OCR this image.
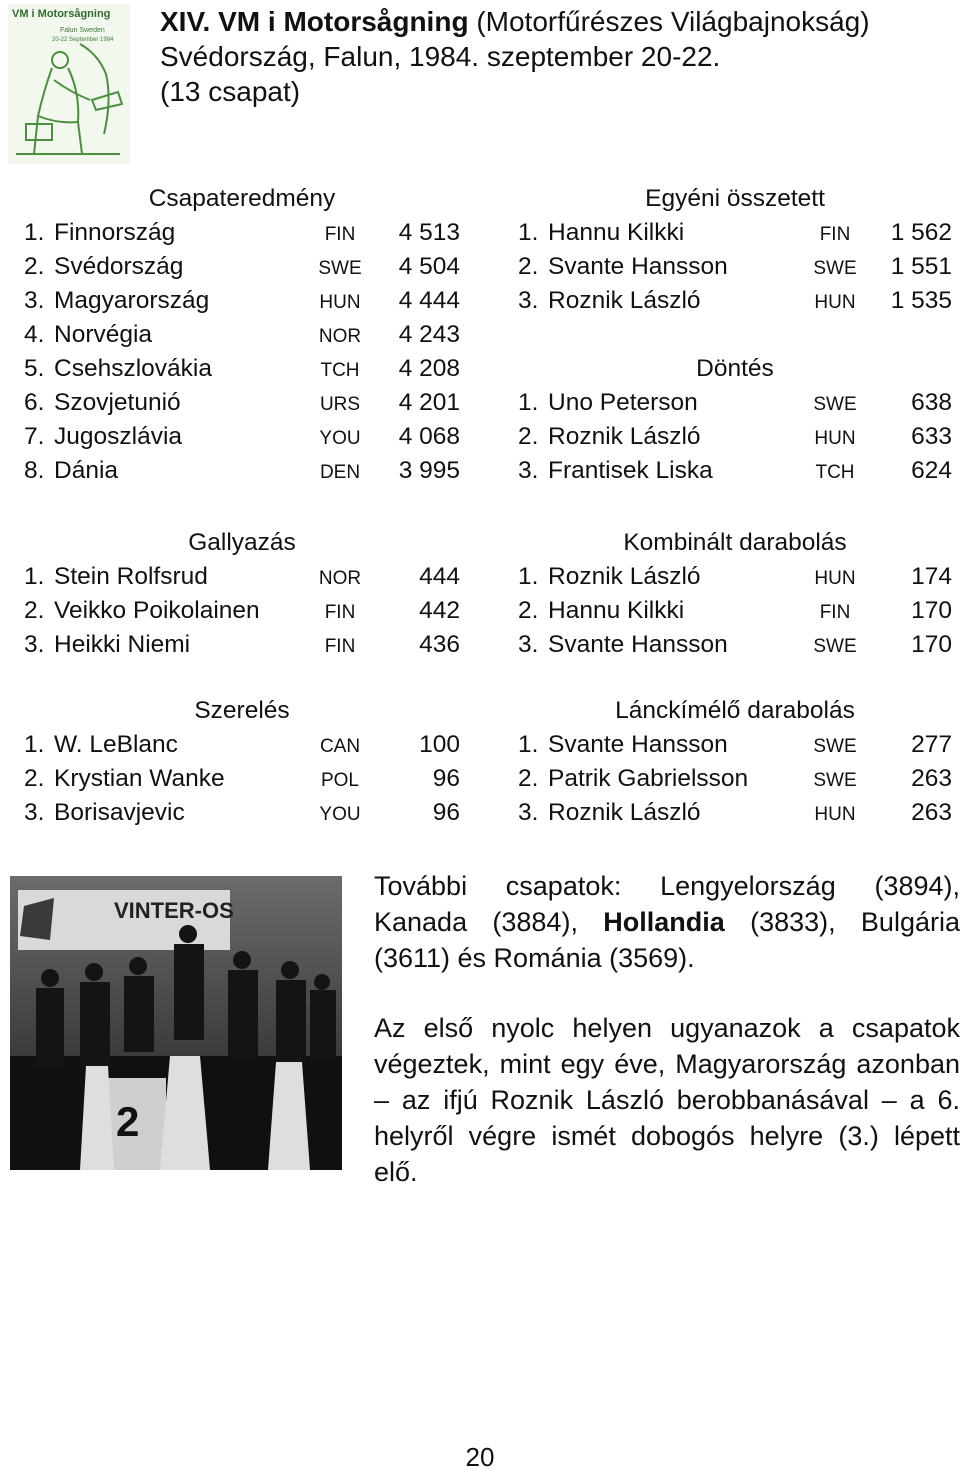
VM i Motorsågning
Falun Sweden
20-22 September 1984
XIV. VM i Motorsågning (Motorfűrészes Világbajnokság)
Svédország, Falun, 1984. szeptember 20-22.
(13 csapat)
Csapateredmény
1. Finnország	FIN	4 513
2. Svédország	SWE	4 504
3. Magyarország	HUN	4 444
4. Norvégia	NOR	4 243
5. Csehszlovákia	TCH	4 208
6. Szovjetunió	URS	4 201
7. Jugoszlávia	YOU	4 068
8. Dánia	DEN	3 995
Egyéni összetett
1. Hannu Kilkki	FIN	1 562
2. Svante Hansson	SWE	1 551
3. Roznik László	HUN	1 535
Döntés
1. Uno Peterson	SWE	638
2. Roznik László	HUN	633
3. Frantisek Liska	TCH	624
Gallyazás
1. Stein Rolfsrud	NOR	444
2. Veikko Poikolainen	FIN	442
3. Heikki Niemi	FIN	436
Kombinált darabolás
1. Roznik László	HUN	174
2. Hannu Kilkki	FIN	170
3. Svante Hansson	SWE	170
Szerelés
1. W. LeBlanc	CAN	100
2. Krystian Wanke	POL	96
3. Borisavjevic	YOU	96
Lánckímélő darabolás
1. Svante Hansson	SWE	277
2. Patrik Gabrielsson	SWE	263
3. Roznik László	HUN	263
VINTER-OS
2
További csapatok: Lengyelország (3894), Kanada (3884), Hollandia (3833), Bulgária (3611) és Románia (3569).
Az első nyolc helyen ugyanazok a csapatok végeztek, mint egy éve, Magyarország azonban – az ifjú Roznik László berobbanásával – a 6. helyről végre ismét dobogós helyre (3.) lépett elő.
20
